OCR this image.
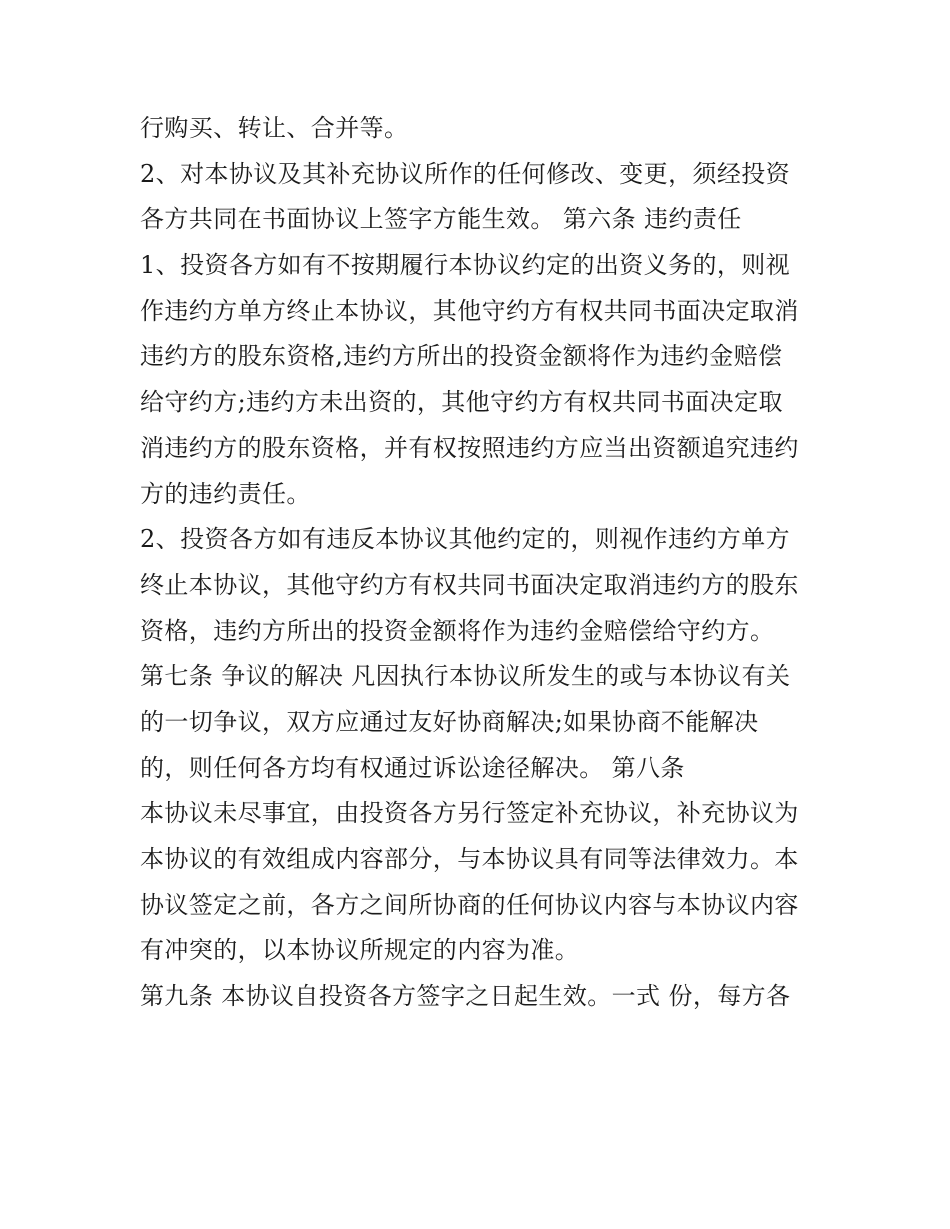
行购买、转让、合并等。
2、对本协议及其补充协议所作的任何修改、变更，须经投资
各方共同在书面协议上签字方能生效。 第六条 违约责任
1、投资各方如有不按期履行本协议约定的出资义务的，则视
作违约方单方终止本协议，其他守约方有权共同书面决定取消
违约方的股东资格,违约方所出的投资金额将作为违约金赔偿
给守约方;违约方未出资的，其他守约方有权共同书面决定取
消违约方的股东资格，并有权按照违约方应当出资额追究违约
方的违约责任。
2、投资各方如有违反本协议其他约定的，则视作违约方单方
终止本协议，其他守约方有权共同书面决定取消违约方的股东
资格，违约方所出的投资金额将作为违约金赔偿给守约方。
第七条 争议的解决 凡因执行本协议所发生的或与本协议有关
的一切争议，双方应通过友好协商解决;如果协商不能解决
的，则任何各方均有权通过诉讼途径解决。 第八条
本协议未尽事宜，由投资各方另行签定补充协议，补充协议为
本协议的有效组成内容部分，与本协议具有同等法律效力。本
协议签定之前，各方之间所协商的任何协议内容与本协议内容
有冲突的，以本协议所规定的内容为准。
第九条 本协议自投资各方签字之日起生效。一式 份，每方各
